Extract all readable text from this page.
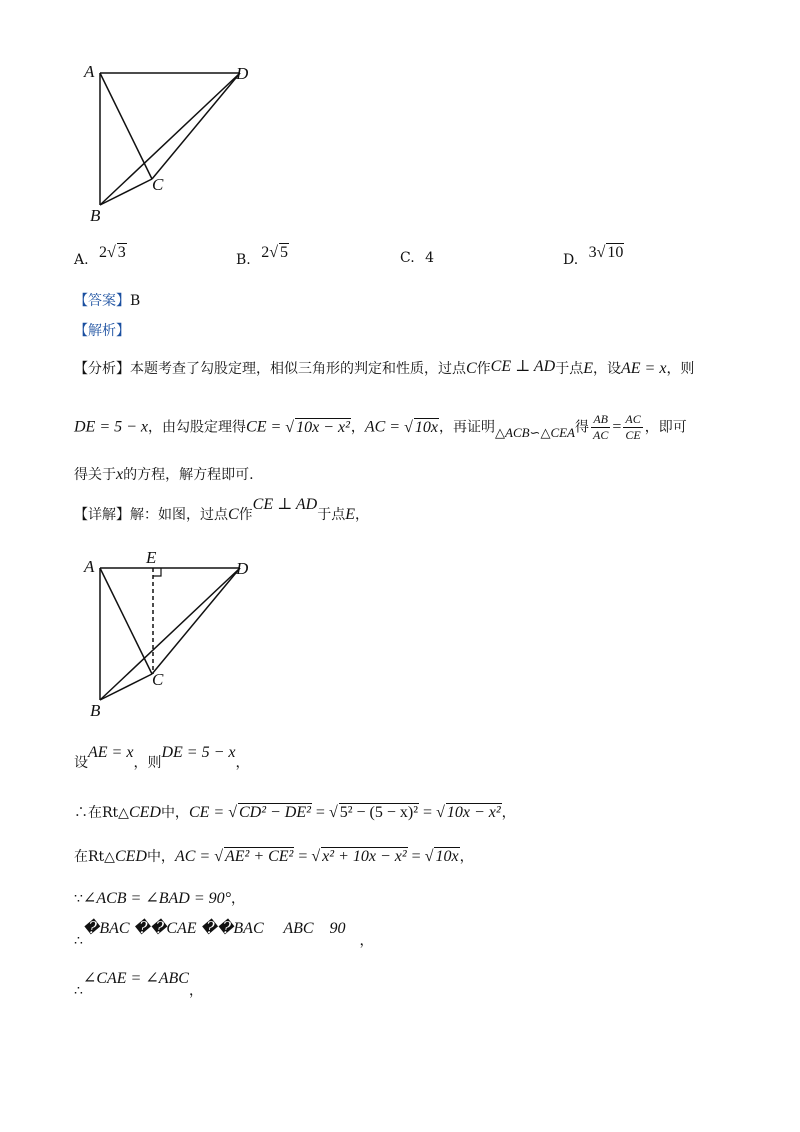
A	D
C
B
A. 2√ 3	B. 2√ 5	C. 4	D. 3√ 10
【答案】B
【解析】
【分析】本题考查了勾股定理，相似三角形的判定和性质，过点C作CE ⊥ AD于点E，设AE = x，则
DE = 5 − x，由勾股定理得CE = √ 10x − x²，AC = √ 10x，再证明△ACB∽△CEA得 $\frac{AB}{AC} = \frac{AC}{CE}$ ，即可
得关于x的方程，解方程即可.
【详解】解：如图，过点C作CE ⊥ AD于点E，
A	E
D
C
B
设AE = x，则DE = 5 − x，
∴在Rt△CED中，CE = √ CD² − DE² = √ 5² − (5 − x)² = √ 10x − x²，
在Rt△CED中，AC = √ AE² + CE² = √ x² + 10x − x² = √ 10x，
∵∠ACB = ∠BAD = 90°，
∴�BAC ��CAE ��BAC     ABC    90，
∴∠CAE = ∠ABC，
